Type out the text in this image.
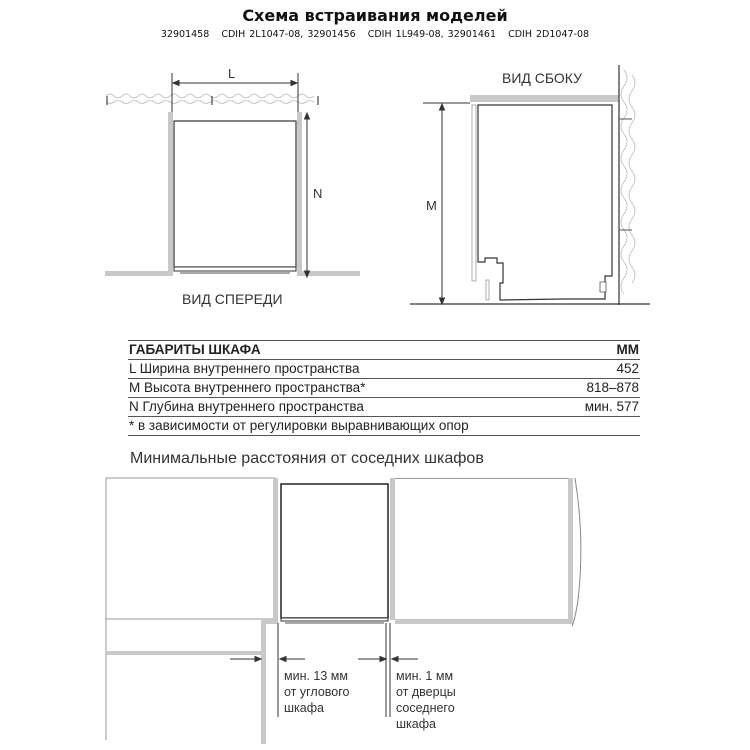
Схема встраивания моделей
32901458   CDIH 2L1047-08, 32901456   CDIH 1L949-08, 32901461   CDIH 2D1047-08
L
N
ВИД СПЕРЕДИ
ВИД СБОКУ
M
ГАБАРИТЫ ШКАФА	ММ
L Ширина внутреннего пространства	452
M Высота внутреннего пространства*	818–878
N Глубина внутреннего пространства	мин. 577
* в зависимости от регулировки выравнивающих опор
Минимальные расстояния от соседних шкафов
мин. 13 мм
от углового
шкафа
мин. 1 мм
от дверцы
соседнего
шкафа
